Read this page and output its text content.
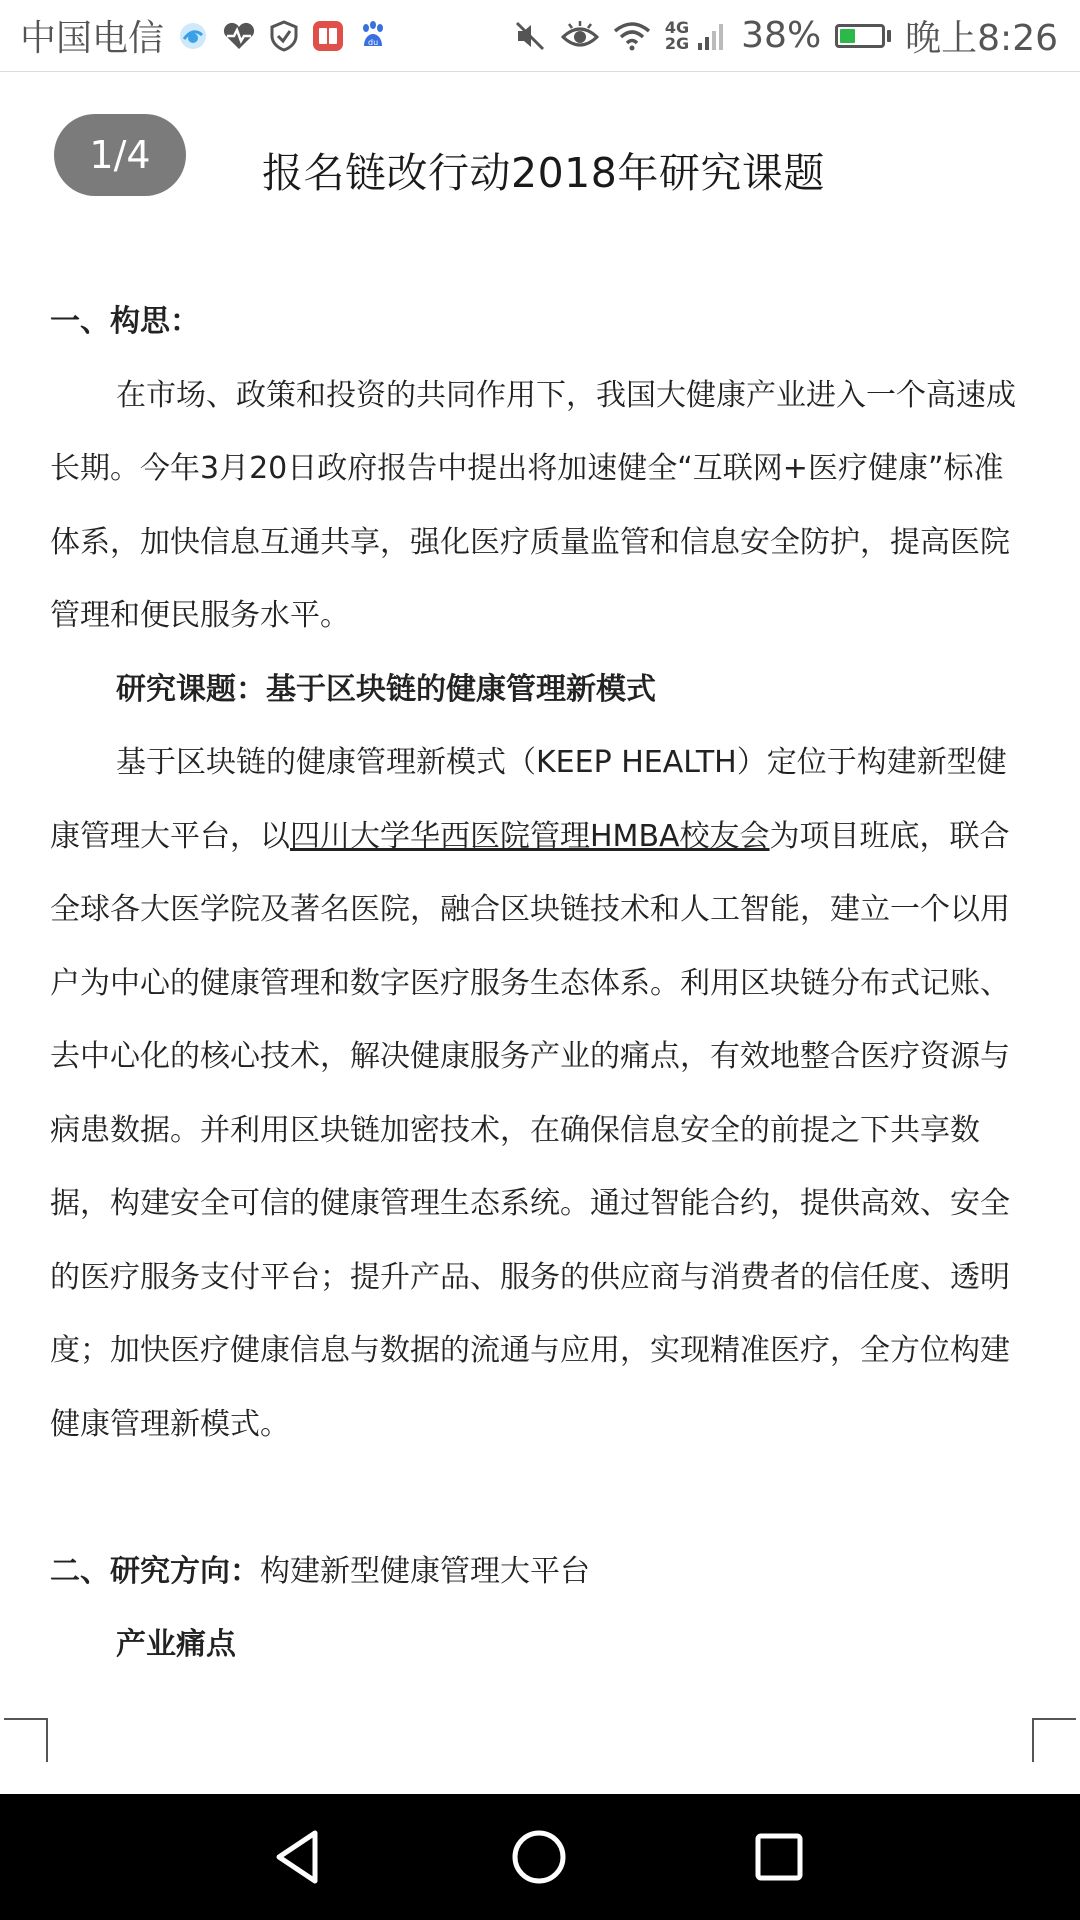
中国电信	du
4G
2G 38% 晚上8:26
1/4	报名链改行动2018年研究课题

一、构思：

在市场、政策和投资的共同作用下，我国大健康产业进入一个高速成长期。今年3月20日政府报告中提出将加速健全“互联网+医疗健康”标准体系，加快信息互通共享，强化医疗质量监管和信息安全防护，提高医院管理和便民服务水平。

研究课题：基于区块链的健康管理新模式

基于区块链的健康管理新模式（KEEP HEALTH）定位于构建新型健康管理大平台，以四川大学华西医院管理HMBA校友会为项目班底，联合全球各大医学院及著名医院，融合区块链技术和人工智能，建立一个以用户为中心的健康管理和数字医疗服务生态体系。利用区块链分布式记账、去中心化的核心技术，解决健康服务产业的痛点，有效地整合医疗资源与病患数据。并利用区块链加密技术，在确保信息安全的前提之下共享数据，构建安全可信的健康管理生态系统。通过智能合约，提供高效、安全的医疗服务支付平台；提升产品、服务的供应商与消费者的信任度、透明度；加快医疗健康信息与数据的流通与应用，实现精准医疗，全方位构建健康管理新模式。

二、研究方向：构建新型健康管理大平台

产业痛点
